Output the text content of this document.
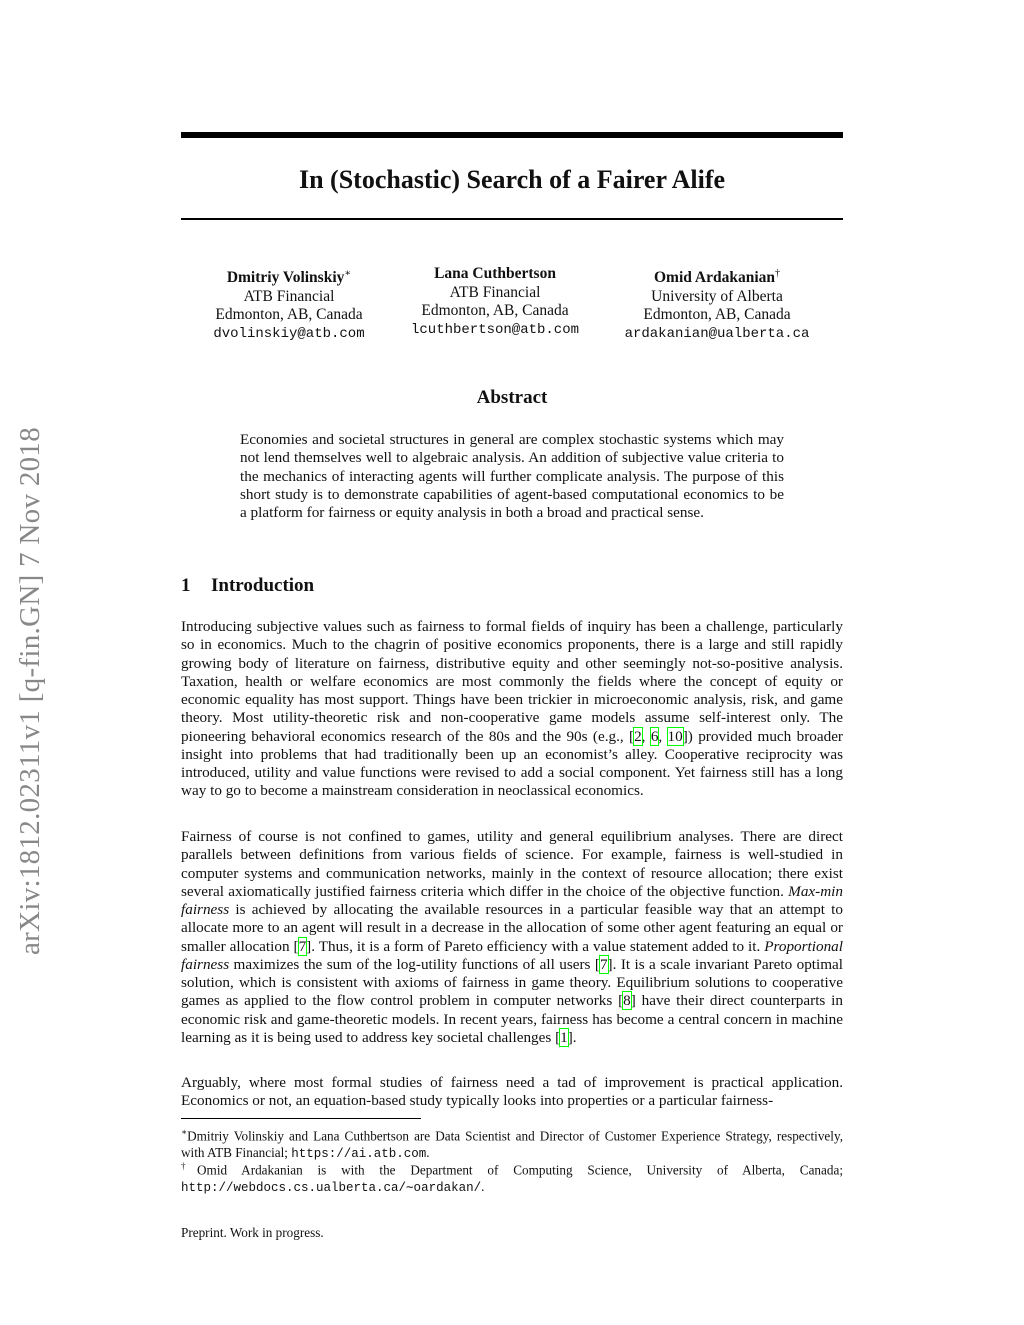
arXiv:1812.02311v1 [q-fin.GN] 7 Nov 2018
In (Stochastic) Search of a Fairer Alife
Dmitriy Volinskiy∗
ATB Financial
Edmonton, AB, Canada
dvolinskiy@atb.com
Lana Cuthbertson
ATB Financial
Edmonton, AB, Canada
lcuthbertson@atb.com
Omid Ardakanian†
University of Alberta
Edmonton, AB, Canada
ardakanian@ualberta.ca
Abstract
Economies and societal structures in general are complex stochastic systems which may not lend themselves well to algebraic analysis. An addition of subjective value criteria to the mechanics of interacting agents will further complicate analysis. The purpose of this short study is to demonstrate capabilities of agent-based computational economics to be a platform for fairness or equity analysis in both a broad and practical sense.
1 Introduction
Introducing subjective values such as fairness to formal fields of inquiry has been a challenge, particularly so in economics. Much to the chagrin of positive economics proponents, there is a large and still rapidly growing body of literature on fairness, distributive equity and other seemingly not-so-positive analysis. Taxation, health or welfare economics are most commonly the fields where the concept of equity or economic equality has most support. Things have been trickier in microeconomic analysis, risk, and game theory. Most utility-theoretic risk and non-cooperative game models assume self-interest only. The pioneering behavioral economics research of the 80s and the 90s (e.g., [2, 6, 10]) provided much broader insight into problems that had traditionally been up an economist’s alley. Cooperative reciprocity was introduced, utility and value functions were revised to add a social component. Yet fairness still has a long way to go to become a mainstream consideration in neoclassical economics.
Fairness of course is not confined to games, utility and general equilibrium analyses. There are direct parallels between definitions from various fields of science. For example, fairness is well-studied in computer systems and communication networks, mainly in the context of resource allocation; there exist several axiomatically justified fairness criteria which differ in the choice of the objective function. Max-min fairness is achieved by allocating the available resources in a particular feasible way that an attempt to allocate more to an agent will result in a decrease in the allocation of some other agent featuring an equal or smaller allocation [7]. Thus, it is a form of Pareto efficiency with a value statement added to it. Proportional fairness maximizes the sum of the log-utility functions of all users [7]. It is a scale invariant Pareto optimal solution, which is consistent with axioms of fairness in game theory. Equilibrium solutions to cooperative games as applied to the flow control problem in computer networks [8] have their direct counterparts in economic risk and game-theoretic models. In recent years, fairness has become a central concern in machine learning as it is being used to address key societal challenges [1].
Arguably, where most formal studies of fairness need a tad of improvement is practical application. Economics or not, an equation-based study typically looks into properties or a particular fairness-
∗Dmitriy Volinskiy and Lana Cuthbertson are Data Scientist and Director of Customer Experience Strategy, respectively, with ATB Financial; https://ai.atb.com.
†Omid Ardakanian is with the Department of Computing Science, University of Alberta, Canada; http://webdocs.cs.ualberta.ca/∼oardakan/.
Preprint. Work in progress.
